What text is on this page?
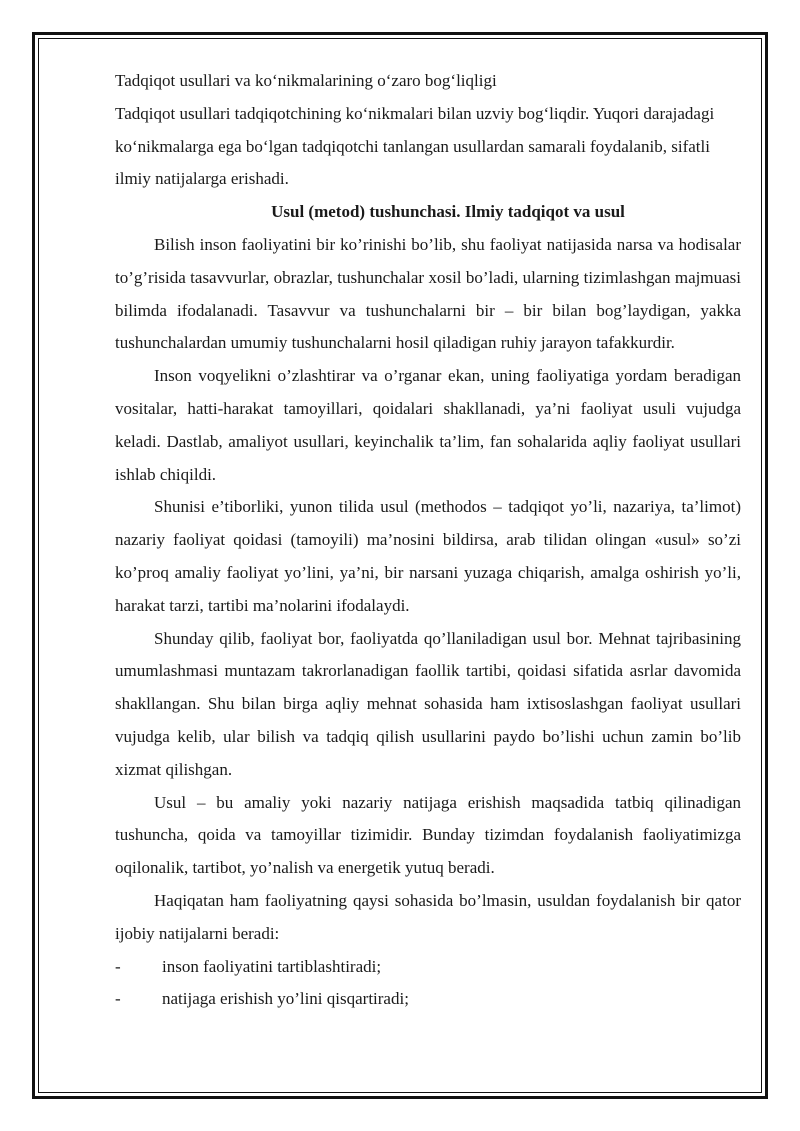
Tadqiqot usullari va ko‘nikmalarining o‘zaro bog‘liqligi

Tadqiqot usullari tadqiqotchining ko‘nikmalari bilan uzviy bog‘liqdir. Yuqori darajadagi ko‘nikmalarga ega bo‘lgan tadqiqotchi tanlangan usullardan samarali foydalanib, sifatli ilmiy natijalarga erishadi.

Usul (metod) tushunchasi. Ilmiy tadqiqot va usul

Bilish inson faoliyatini bir ko’rinishi bo’lib, shu faoliyat natijasida narsa va hodisalar to’g’risida tasavvurlar, obrazlar, tushunchalar xosil bo’ladi, ularning tizimlashgan majmuasi bilimda ifodalanadi. Tasavvur va tushunchalarni bir – bir bilan bog’laydigan, yakka tushunchalardan umumiy tushunchalarni hosil qiladigan ruhiy jarayon tafakkurdir.

Inson voqyelikni o’zlashtirar va o’rganar ekan, uning faoliyatiga yordam beradigan vositalar, hatti-harakat tamoyillari, qoidalari shakllanadi, ya’ni faoliyat usuli vujudga keladi. Dastlab, amaliyot usullari, keyinchalik ta’lim, fan sohalarida aqliy faoliyat usullari ishlab chiqildi.

Shunisi e’tiborliki, yunon tilida usul (methodos – tadqiqot yo’li, nazariya, ta’limot) nazariy faoliyat qoidasi (tamoyili) ma’nosini bildirsa, arab tilidan olingan «usul» so’zi ko’proq amaliy faoliyat yo’lini, ya’ni, bir narsani yuzaga chiqarish, amalga oshirish yo’li, harakat tarzi, tartibi ma’nolarini ifodalaydi.

Shunday qilib, faoliyat bor, faoliyatda qo’llaniladigan usul bor. Mehnat tajribasining umumlashmasi muntazam takrorlanadigan faollik tartibi, qoidasi sifatida asrlar davomida shakllangan. Shu bilan birga aqliy mehnat sohasida ham ixtisoslashgan faoliyat usullari vujudga kelib, ular bilish va tadqiq qilish usullarini paydo bo’lishi uchun zamin bo’lib xizmat qilishgan.

Usul – bu amaliy yoki nazariy natijaga erishish maqsadida tatbiq qilinadigan tushuncha, qoida va tamoyillar tizimidir. Bunday tizimdan foydalanish faoliyatimizga oqilonalik, tartibot, yo’nalish va energetik yutuq beradi.

Haqiqatan ham faoliyatning qaysi sohasida bo’lmasin, usuldan foydalanish bir qator ijobiy natijalarni beradi:

-	inson faoliyatini tartiblashtiradi;
-	natijaga erishish yo’lini qisqartiradi;
